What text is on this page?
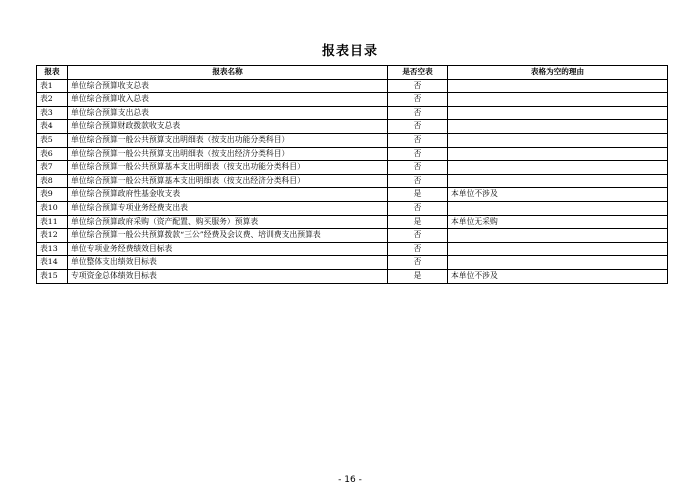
报表目录
报表	报表名称	是否空表	表格为空的理由
表1	单位综合预算收支总表	否	
表2	单位综合预算收入总表	否	
表3	单位综合预算支出总表	否	
表4	单位综合预算财政拨款收支总表	否	
表5	单位综合预算一般公共预算支出明细表（按支出功能分类科目）	否	
表6	单位综合预算一般公共预算支出明细表（按支出经济分类科目）	否	
表7	单位综合预算一般公共预算基本支出明细表（按支出功能分类科目）	否	
表8	单位综合预算一般公共预算基本支出明细表（按支出经济分类科目）	否	
表9	单位综合预算政府性基金收支表	是	本单位不涉及
表10	单位综合预算专项业务经费支出表	否	
表11	单位综合预算政府采购（资产配置、购买服务）预算表	是	本单位无采购
表12	单位综合预算一般公共预算拨款“三公”经费及会议费、培训费支出预算表	否	
表13	单位专项业务经费绩效目标表	否	
表14	单位整体支出绩效目标表	否	
表15	专项资金总体绩效目标表	是	本单位不涉及
- 16 -
